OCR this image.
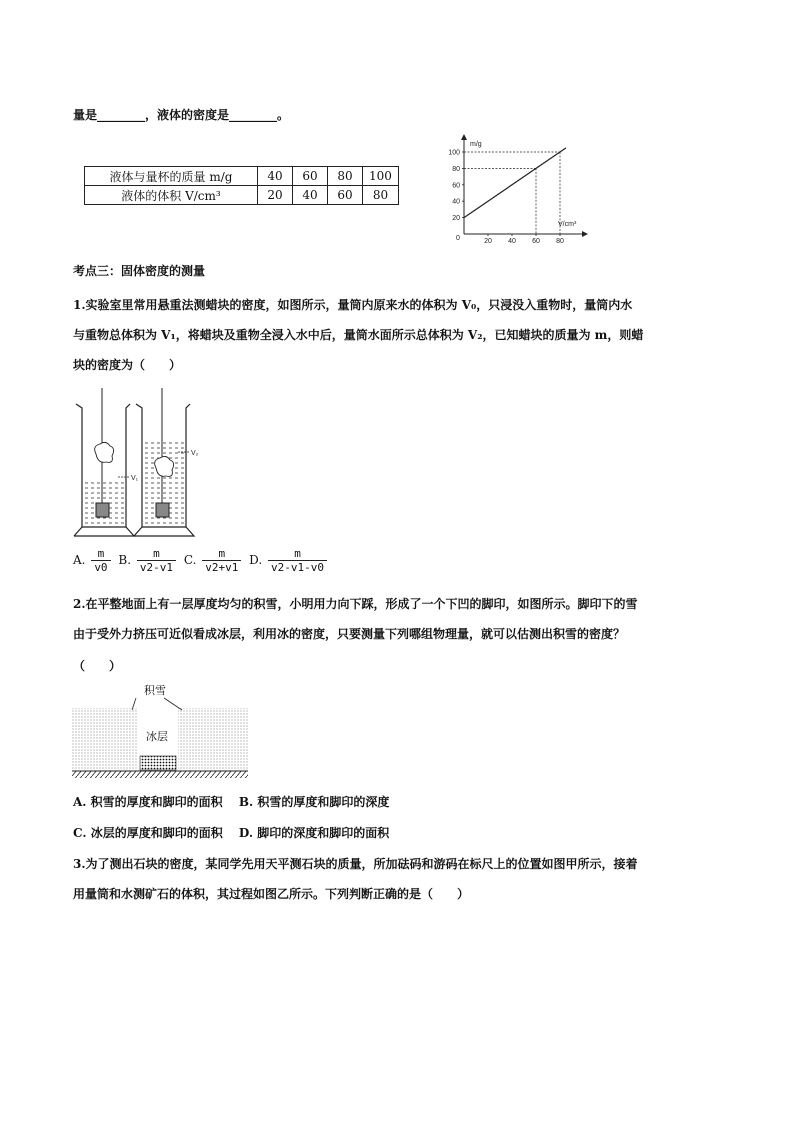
量是________，液体的密度是________。
液体与量杯的质量 m/g	40	60	80	100
液体的体积 V/cm³	20	40	60	80
m/g
V/cm³
0
100
80
60
40
20
20 40 60 80
考点三：固体密度的测量
1.实验室里常用悬重法测蜡块的密度，如图所示，量筒内原来水的体积为 V₀，只浸没入重物时，量筒内水
与重物总体积为 V₁，将蜡块及重物全浸入水中后，量筒水面所示总体积为 V₂，已知蜡块的质量为 m，则蜡
块的密度为（　　）
V₁
V₂
A. $\frac{m}{v0} B$. $\frac{m}{v2-v1} C$. $\frac{m}{v2+v1} D$. $\frac{m}{v2-v1-v0}$
2.在平整地面上有一层厚度均匀的积雪，小明用力向下踩，形成了一个下凹的脚印，如图所示。脚印下的雪
由于受外力挤压可近似看成冰层，利用冰的密度，只要测量下列哪组物理量，就可以估测出积雪的密度？
（　　）
积雪
冰层
A. 积雪的厚度和脚印的面积　 B. 积雪的厚度和脚印的深度
C. 冰层的厚度和脚印的面积　 D. 脚印的深度和脚印的面积
3.为了测出石块的密度，某同学先用天平测石块的质量，所加砝码和游码在标尺上的位置如图甲所示，接着
用量筒和水测矿石的体积，其过程如图乙所示。下列判断正确的是（　　）
